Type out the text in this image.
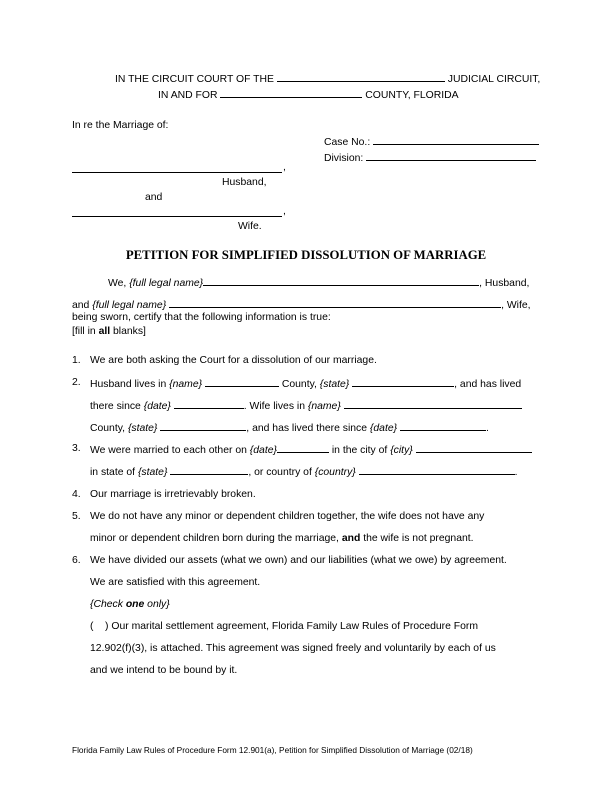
IN THE CIRCUIT COURT OF THE	JUDICIAL CIRCUIT,
IN AND FOR	COUNTY, FLORIDA
In re the Marriage of:
Case No.:
Division:
,
Husband,
and
,
Wife.
PETITION FOR SIMPLIFIED DISSOLUTION OF MARRIAGE
We, {full legal name}	, Husband,
and {full legal name}	, Wife,
being sworn, certify that the following information is true:
[fill in all blanks]
1. We are both asking the Court for a dissolution of our marriage.
2. Husband lives in {name}	County, {state}	, and has lived
there since {date}	. Wife lives in {name}
County, {state}	, and has lived there since {date}	.
3. We were married to each other on {date}	in the city of {city}
in state of {state}	, or country of {country}	.
4. Our marriage is irretrievably broken.
5. We do not have any minor or dependent children together, the wife does not have any
minor or dependent children born during the marriage, and the wife is not pregnant.
6. We have divided our assets (what we own) and our liabilities (what we owe) by agreement.
We are satisfied with this agreement.
{Check one only}
(    ) Our marital settlement agreement, Florida Family Law Rules of Procedure Form
12.902(f)(3), is attached. This agreement was signed freely and voluntarily by each of us
and we intend to be bound by it.
Florida Family Law Rules of Procedure Form 12.901(a), Petition for Simplified Dissolution of Marriage (02/18)
